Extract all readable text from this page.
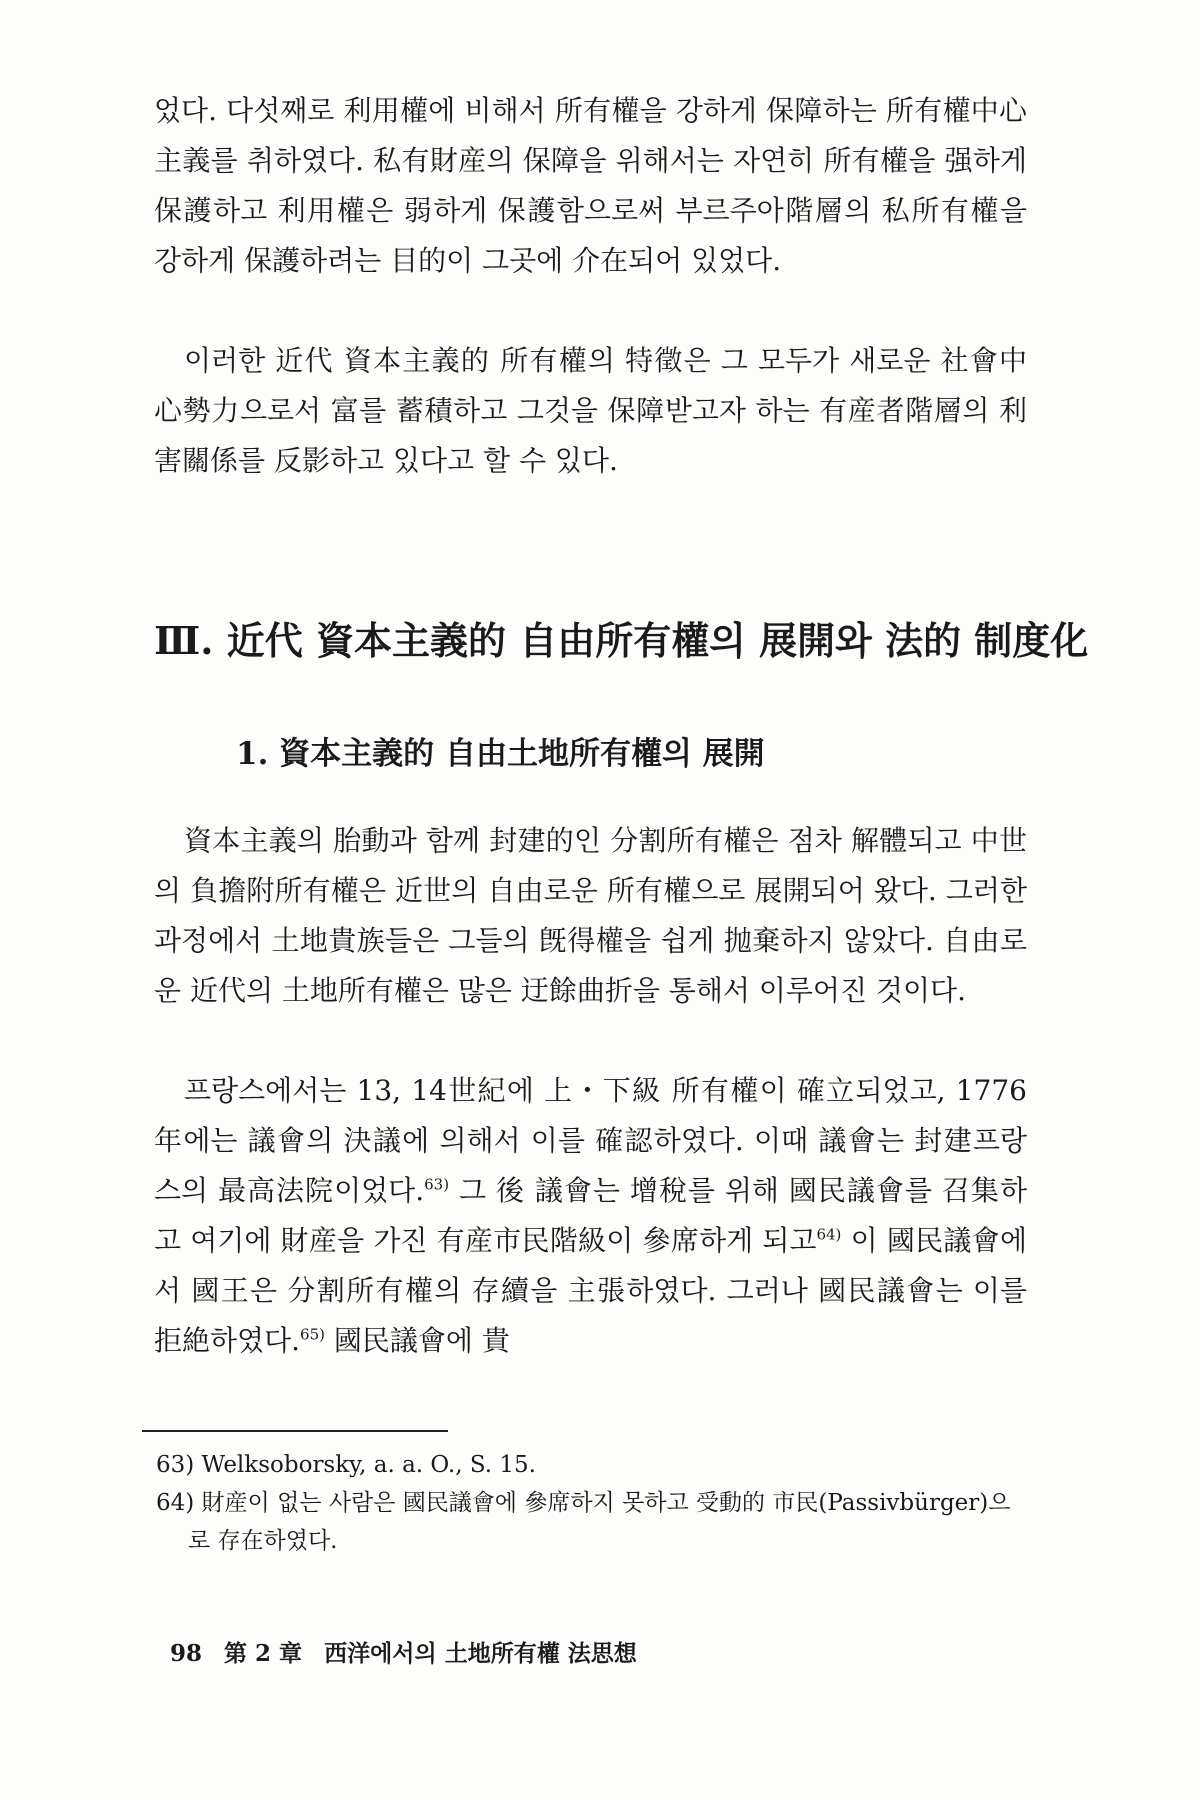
었다. 다섯째로 利用權에 비해서 所有權을 강하게 保障하는 所有權中心主義를 취하였다. 私有財産의 保障을 위해서는 자연히 所有權을 强하게 保護하고 利用權은 弱하게 保護함으로써 부르주아階層의 私所有權을 강하게 保護하려는 目的이 그곳에 介在되어 있었다.

이러한 近代 資本主義的 所有權의 特徵은 그 모두가 새로운 社會中心勢力으로서 富를 蓄積하고 그것을 保障받고자 하는 有産者階層의 利害關係를 反影하고 있다고 할 수 있다.

Ⅲ. 近代 資本主義的 自由所有權의 展開와 法的 制度化
1. 資本主義的 自由土地所有權의 展開

資本主義의 胎動과 함께 封建的인 分割所有權은 점차 解體되고 中世의 負擔附所有權은 近世의 自由로운 所有權으로 展開되어 왔다. 그러한 과정에서 土地貴族들은 그들의 旣得權을 쉽게 抛棄하지 않았다. 自由로운 近代의 土地所有權은 많은 迂餘曲折을 통해서 이루어진 것이다.

프랑스에서는 13, 14世紀에 上・下級 所有權이 確立되었고, 1776年에는 議會의 決議에 의해서 이를 確認하였다. 이때 議會는 封建프랑스의 最高法院이었다.$^{63)}$ 그 後 議會는 增稅를 위해 國民議會를 召集하고 여기에 財産을 가진 有産市民階級이 參席하게 되고$^{64)}$ 이 國民議會에서 國王은 分割所有權의 存續을 主張하였다. 그러나 國民議會는 이를 拒絶하였다.$^{65)}$ 國民議會에 貴

63) Welksoborsky, a. a. O., S. 15.

64) 財産이 없는 사람은 國民議會에 參席하지 못하고 受動的 市民(Passivbürger)으로 存在하였다.

98 第 2 章 西洋에서의 土地所有權 法思想
